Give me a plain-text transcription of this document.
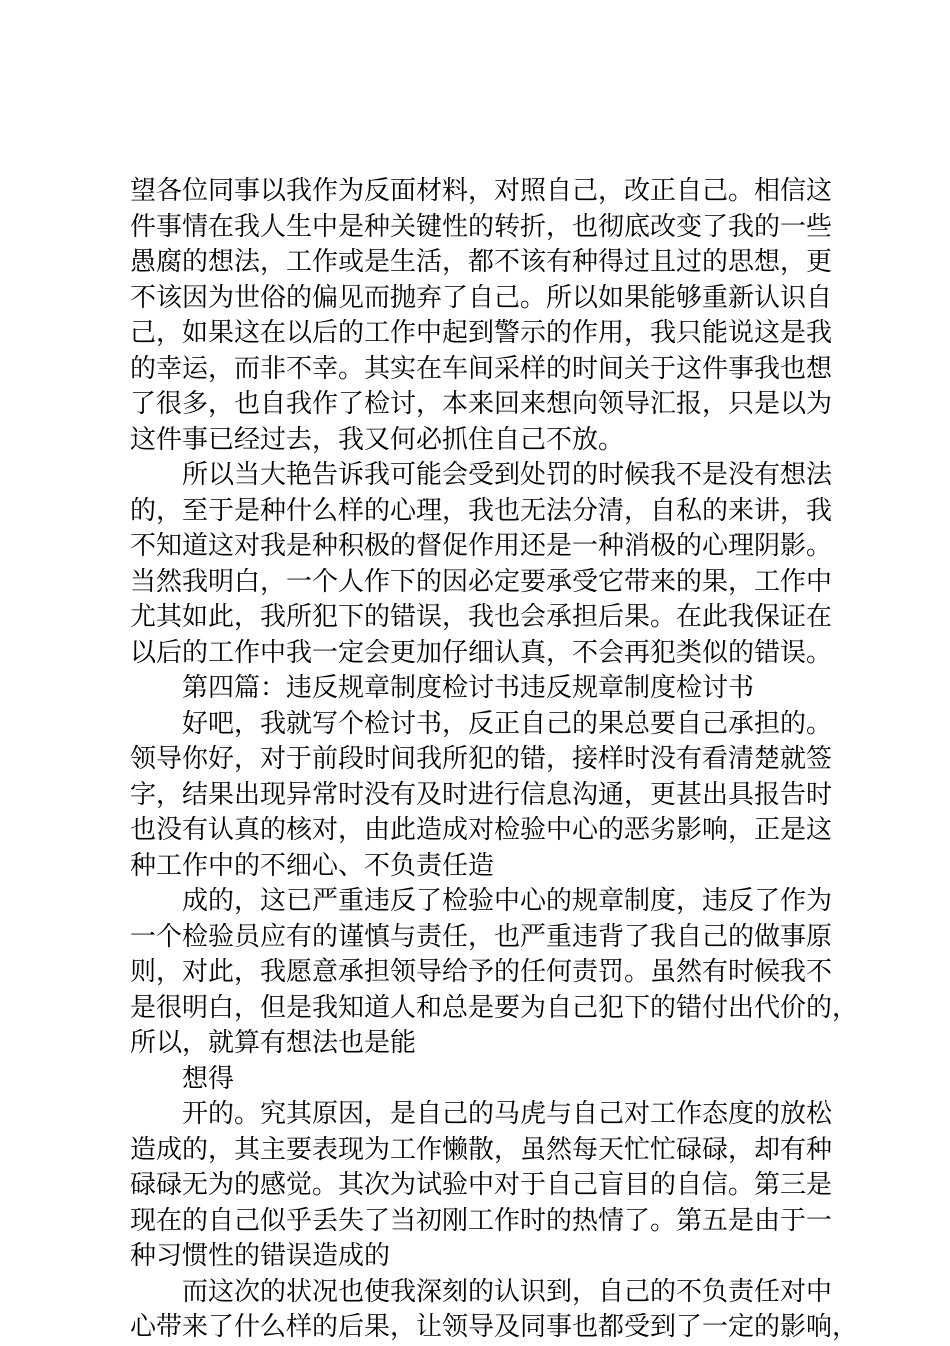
望各位同事以我作为反面材料，对照自己，改正自己。相信这
件事情在我人生中是种关键性的转折，也彻底改变了我的一些
愚腐的想法，工作或是生活，都不该有种得过且过的思想，更
不该因为世俗的偏见而抛弃了自己。所以如果能够重新认识自
己，如果这在以后的工作中起到警示的作用，我只能说这是我
的幸运，而非不幸。其实在车间采样的时间关于这件事我也想
了很多，也自我作了检讨，本来回来想向领导汇报，只是以为
这件事已经过去，我又何必抓住自己不放。
所以当大艳告诉我可能会受到处罚的时候我不是没有想法
的，至于是种什么样的心理，我也无法分清，自私的来讲，我
不知道这对我是种积极的督促作用还是一种消极的心理阴影。
当然我明白，一个人作下的因必定要承受它带来的果，工作中
尤其如此，我所犯下的错误，我也会承担后果。在此我保证在
以后的工作中我一定会更加仔细认真，不会再犯类似的错误。
第四篇：违反规章制度检讨书违反规章制度检讨书
好吧，我就写个检讨书，反正自己的果总要自己承担的。
领导你好，对于前段时间我所犯的错，接样时没有看清楚就签
字，结果出现异常时没有及时进行信息沟通，更甚出具报告时
也没有认真的核对，由此造成对检验中心的恶劣影响，正是这
种工作中的不细心、不负责任造
成的，这已严重违反了检验中心的规章制度，违反了作为
一个检验员应有的谨慎与责任，也严重违背了我自己的做事原
则，对此，我愿意承担领导给予的任何责罚。虽然有时候我不
是很明白，但是我知道人和总是要为自己犯下的错付出代价的，
所以，就算有想法也是能
想得
开的。究其原因，是自己的马虎与自己对工作态度的放松
造成的，其主要表现为工作懒散，虽然每天忙忙碌碌，却有种
碌碌无为的感觉。其次为试验中对于自己盲目的自信。第三是
现在的自己似乎丢失了当初刚工作时的热情了。第五是由于一
种习惯性的错误造成的
而这次的状况也使我深刻的认识到，自己的不负责任对中
心带来了什么样的后果，让领导及同事也都受到了一定的影响，
